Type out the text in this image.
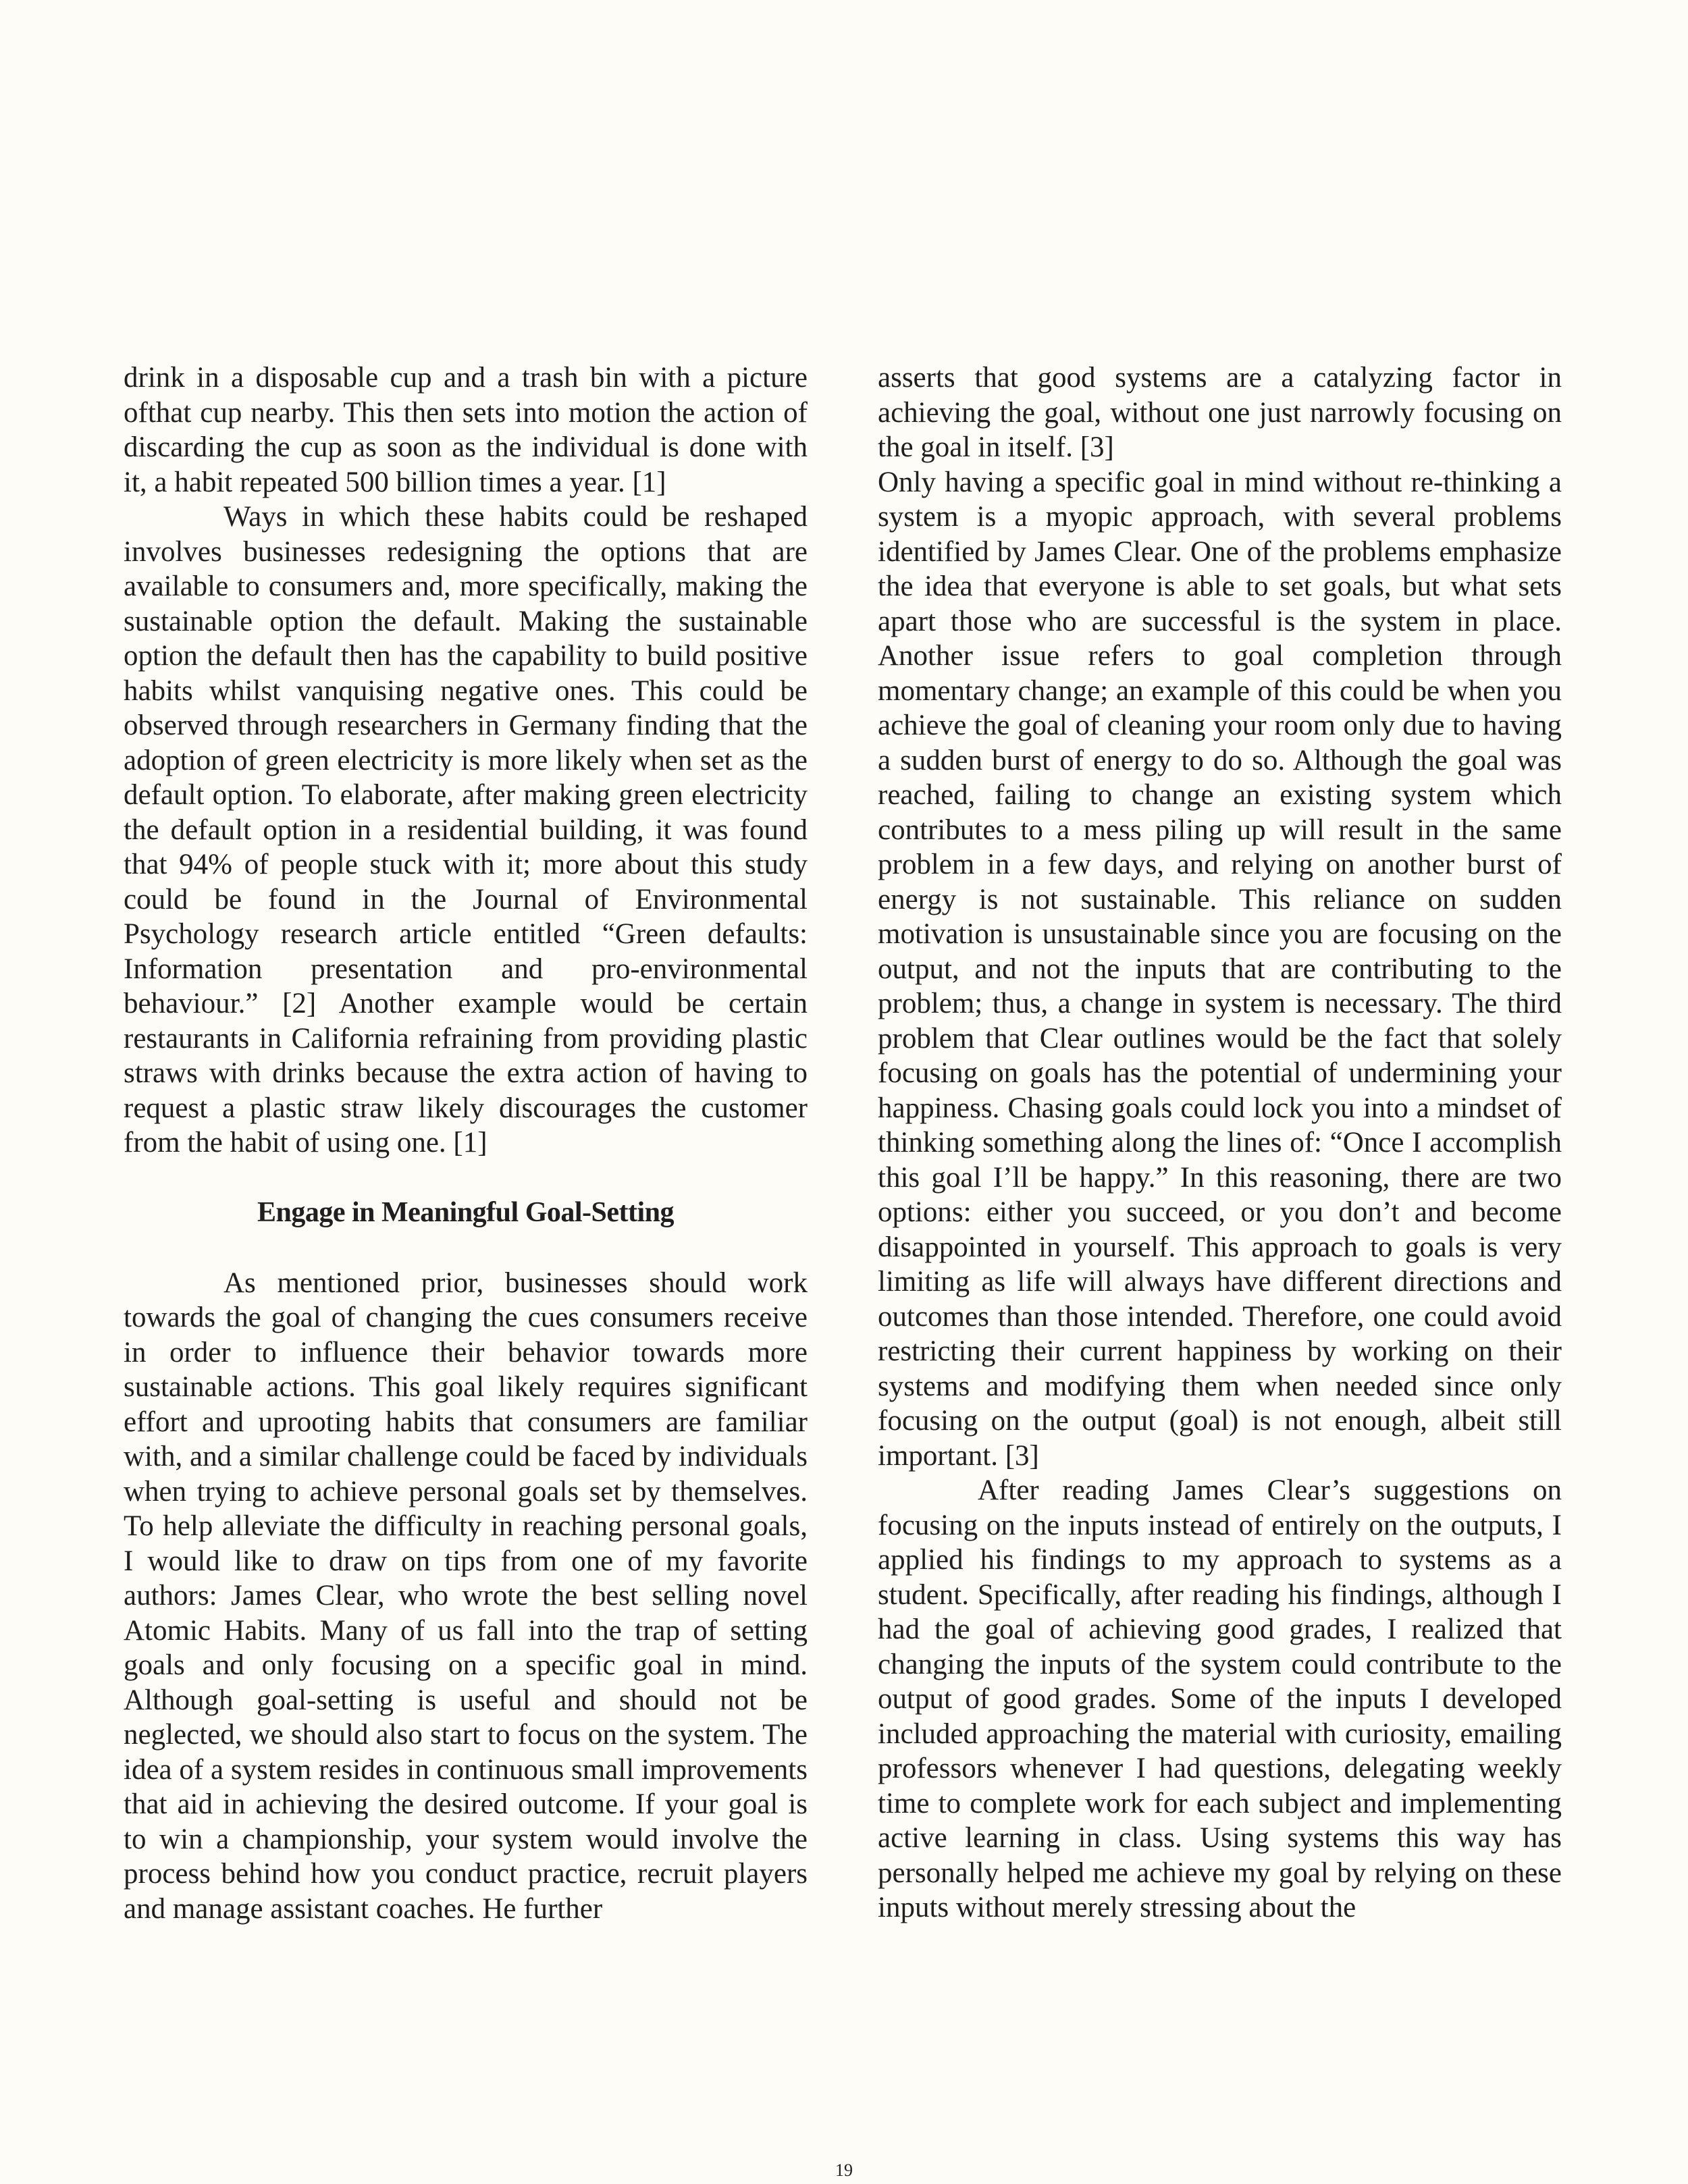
drink in a disposable cup and a trash bin with a picture ofthat cup nearby. This then sets into motion the action of discarding the cup as soon as the individual is done with it, a habit repeated 500 billion times a year. [1]

Ways in which these habits could be reshaped involves businesses redesigning the options that are available to consumers and, more specifically, making the sustainable option the default. Making the sustainable option the default then has the capability to build positive habits whilst vanquising negative ones. This could be observed through researchers in Germany finding that the adoption of green electricity is more likely when set as the default option. To elaborate, after making green electricity the default option in a residential building, it was found that 94% of people stuck with it; more about this study could be found in the Journal of Environmental Psychology research article entitled “Green defaults: Information presentation and pro-environmental behaviour.” [2] Another example would be certain restaurants in California refraining from providing plastic straws with drinks because the extra action of having to request a plastic straw likely discourages the customer from the habit of using one. [1]

Engage in Meaningful Goal-Setting

As mentioned prior, businesses should work towards the goal of changing the cues consumers receive in order to influence their behavior towards more sustainable actions. This goal likely requires significant effort and uprooting habits that consumers are familiar with, and a similar challenge could be faced by individuals when trying to achieve personal goals set by themselves. To help alleviate the difficulty in reaching personal goals, I would like to draw on tips from one of my favorite authors: James Clear, who wrote the best selling novel Atomic Habits. Many of us fall into the trap of setting goals and only focusing on a specific goal in mind. Although goal-setting is useful and should not be neglected, we should also start to focus on the system. The idea of a system resides in continuous small improvements that aid in achieving the desired outcome. If your goal is to win a championship, your system would involve the process behind how you conduct practice, recruit players and manage assistant coaches. He further

asserts that good systems are a catalyzing factor in achieving the goal, without one just narrowly focusing on the goal in itself. [3]

Only having a specific goal in mind without re-thinking a system is a myopic approach, with several problems identified by James Clear. One of the problems emphasize the idea that everyone is able to set goals, but what sets apart those who are successful is the system in place. Another issue refers to goal completion through momentary change; an example of this could be when you achieve the goal of cleaning your room only due to having a sudden burst of energy to do so. Although the goal was reached, failing to change an existing system which contributes to a mess piling up will result in the same problem in a few days, and relying on another burst of energy is not sustainable. This reliance on sudden motivation is unsustainable since you are focusing on the output, and not the inputs that are contributing to the problem; thus, a change in system is necessary. The third problem that Clear outlines would be the fact that solely focusing on goals has the potential of undermining your happiness. Chasing goals could lock you into a mindset of thinking something along the lines of: “Once I accomplish this goal I’ll be happy.” In this reasoning, there are two options: either you succeed, or you don’t and become disappointed in yourself. This approach to goals is very limiting as life will always have different directions and outcomes than those intended. Therefore, one could avoid restricting their current happiness by working on their systems and modifying them when needed since only focusing on the output (goal) is not enough, albeit still important. [3]

After reading James Clear’s suggestions on focusing on the inputs instead of entirely on the outputs, I applied his findings to my approach to systems as a student. Specifically, after reading his findings, although I had the goal of achieving good grades, I realized that changing the inputs of the system could contribute to the output of good grades. Some of the inputs I developed included approaching the material with curiosity, emailing professors whenever I had questions, delegating weekly time to complete work for each subject and implementing active learning in class. Using systems this way has personally helped me achieve my goal by relying on these inputs without merely stressing about the

19
